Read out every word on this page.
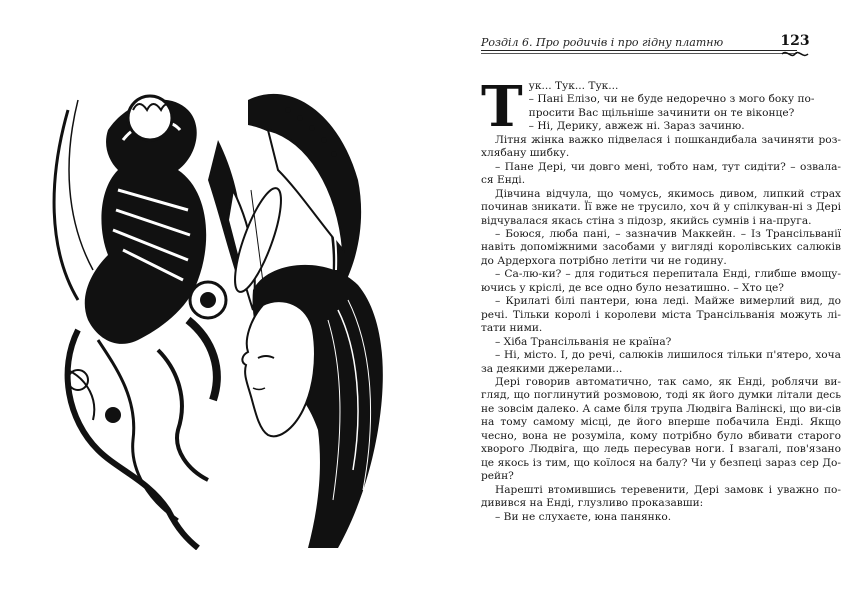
Розділ 6. Про родичів і про гідну платню	123
Т ук... Тук... Тук...
– Пані Елізо, чи не буде недоречно з мого боку по-
просити Вас щільніше зачинити он те віконце?
– Ні, Дерику, авжеж ні. Зараз зачиню.

Літня жінка важко підвелася і пошкандибала зачиняти роз-хлябану шибку.

– Пане Дері, чи довго мені, тобто нам, тут сидіти? – озвала-ся Енді.

Дівчина відчула, що чомусь, якимось дивом, липкий страх починав зникати. Її вже не трусило, хоч й у спілкуван-ні з Дері відчувалася якась стіна з підозр, якийсь сумнів і на-пруга.

– Боюся, люба пані, – зазначив Маккейн. – Із Трансільванії навіть допоміжними засобами у вигляді королівських салюків до Ардерхога потрібно летіти чи не годину.

– Са-лю-ки? – для годиться перепитала Енді, глибше вмощу-ючись у кріслі, де все одно було незатишно. – Хто це?

– Крилаті білі пантери, юна леді. Майже вимерлий вид, до речі. Тільки королі і королеви міста Трансільванія можуть лі-тати ними.

– Хіба Трансільванія не країна?

– Ні, місто. І, до речі, салюків лишилося тільки п'ятеро, хоча за деякими джерелами...

Дері говорив автоматично, так само, як Енді, роблячи ви-гляд, що поглинутий розмовою, тоді як його думки літали десь не зовсім далеко. А саме біля трупа Людвіга Валінскі, що ви-сів на тому самому місці, де його вперше побачила Енді. Якщо чесно, вона не розуміла, кому потрібно було вбивати старого хворого Людвіга, що ледь пересував ноги. І взагалі, пов'язано це якось із тим, що коїлося на балу? Чи у безпеці зараз сер До-рейн?

Нарешті втомившись теревенити, Дері замовк і уважно по-дивився на Енді, глузливо проказавши:

– Ви не слухаєте, юна панянко.
